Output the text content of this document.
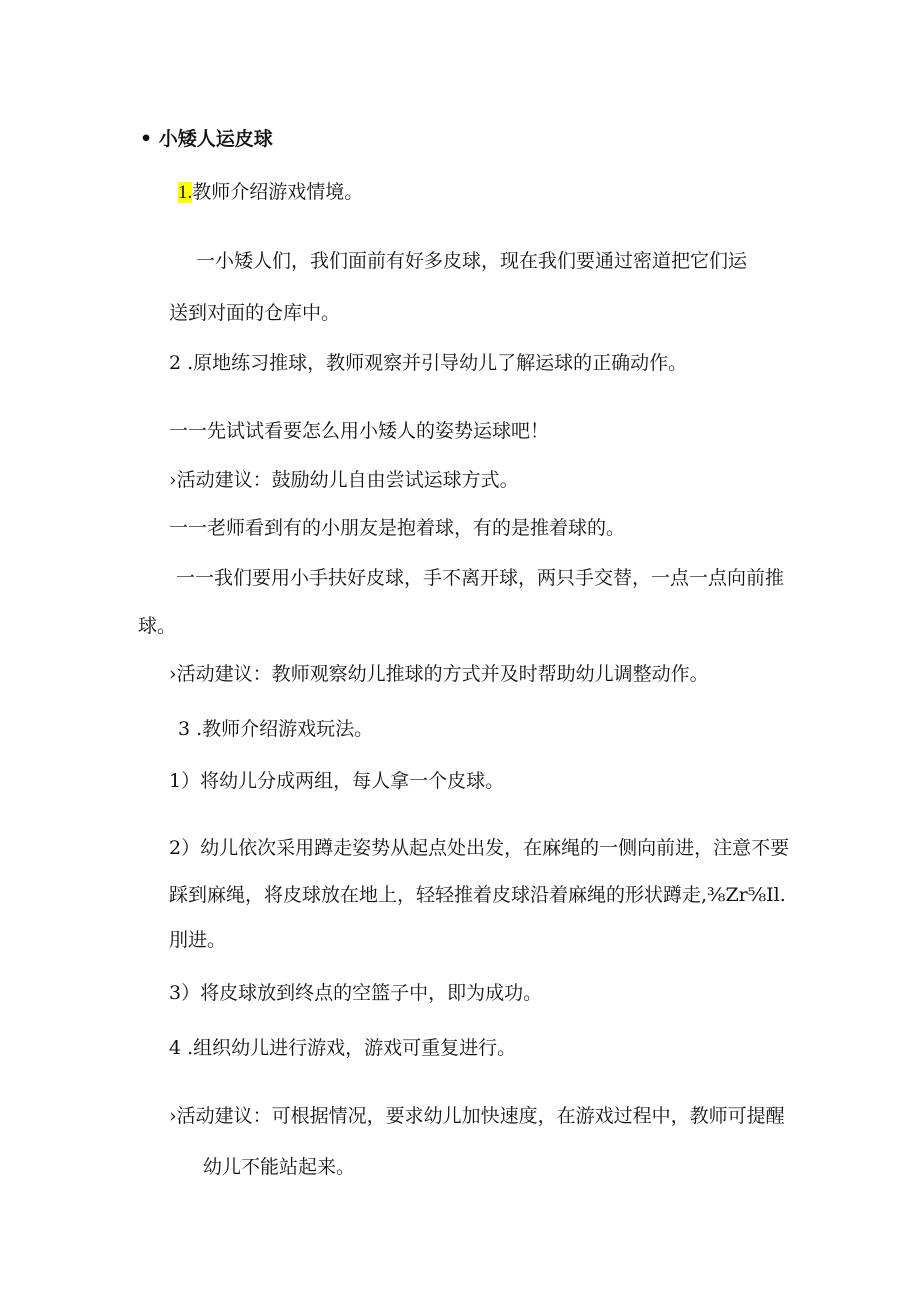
• 小矮人运皮球
1.教师介绍游戏情境。
一小矮人们，我们面前有好多皮球，现在我们要通过密道把它们运
送到对面的仓库中。
2 .原地练习推球，教师观察并引导幼儿了解运球的正确动作。
一一先试试看要怎么用小矮人的姿势运球吧！
›活动建议：鼓励幼儿自由尝试运球方式。
一一老师看到有的小朋友是抱着球，有的是推着球的。
一一我们要用小手扶好皮球，手不离开球，两只手交替，一点一点向前推
球。
›活动建议：教师观察幼儿推球的方式并及时帮助幼儿调整动作。
3 .教师介绍游戏玩法。
1）将幼儿分成两组，每人拿一个皮球。
2）幼儿依次采用蹲走姿势从起点处出发，在麻绳的一侧向前进，注意不要
踩到麻绳，将皮球放在地上，轻轻推着皮球沿着麻绳的形状蹲走,⅜Zr⅝Il.
刖进。
3）将皮球放到终点的空篮子中，即为成功。
4 .组织幼儿进行游戏，游戏可重复进行。
›活动建议：可根据情况，要求幼儿加快速度，在游戏过程中，教师可提醒
幼儿不能站起来。
